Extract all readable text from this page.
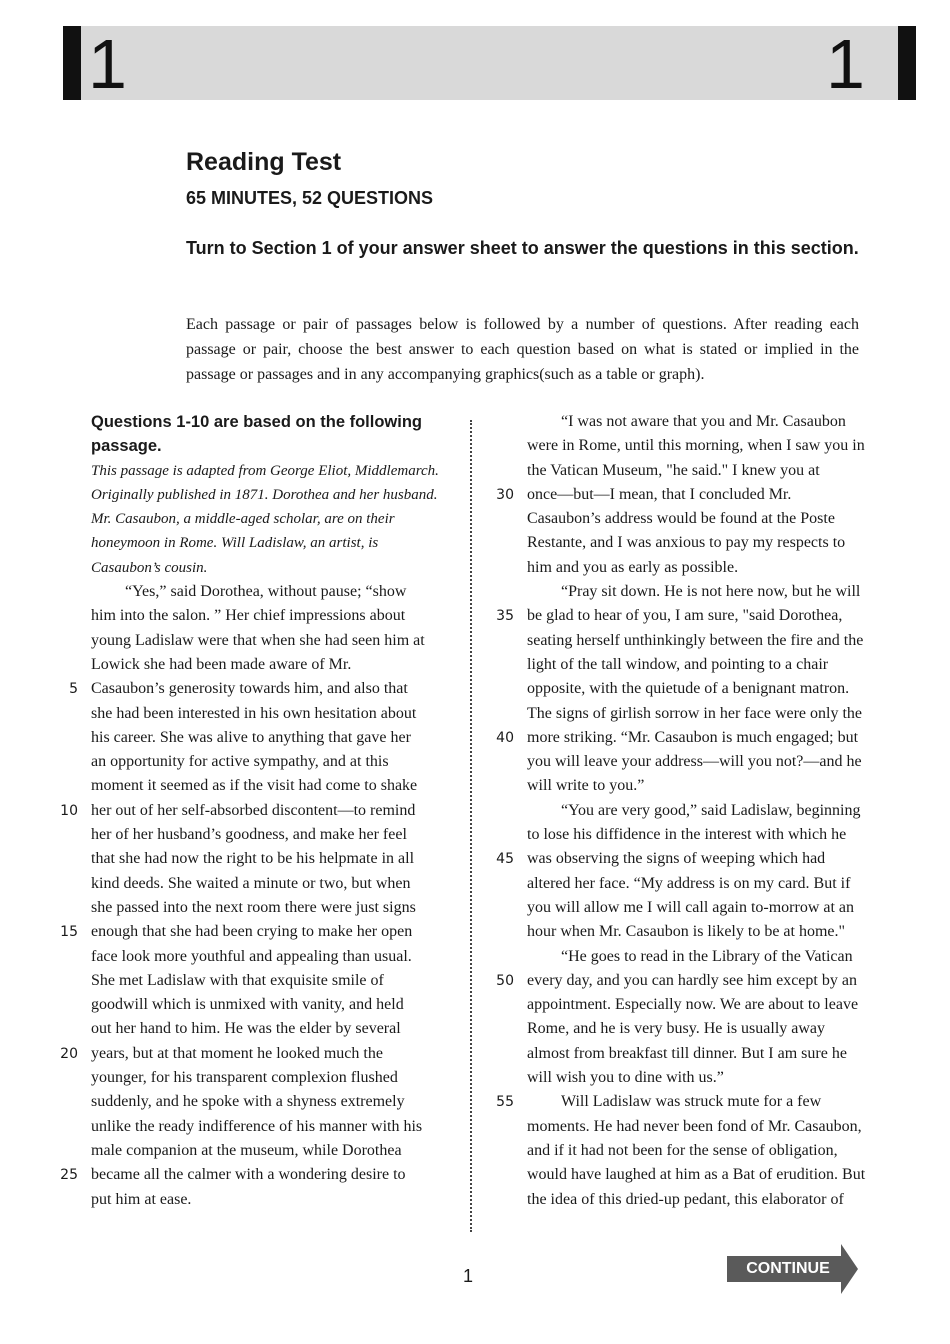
1	1
Reading Test
65 MINUTES, 52 QUESTIONS
Turn to Section 1 of your answer sheet to answer the questions in this section.
Each passage or pair of passages below is followed by a number of questions. After reading each passage or pair, choose the best answer to each question based on what is stated or implied in the passage or passages and in any accompanying graphics(such as a table or graph).
Questions 1-10 are based on the following passage.
This passage is adapted from George Eliot, Middlemarch. Originally published in 1871. Dorothea and her husband. Mr. Casaubon, a middle-aged scholar, are on their honeymoon in Rome. Will Ladislaw, an artist, is Casaubon’s cousin.
“Yes,” said Dorothea, without pause; “show
him into the salon. ” Her chief impressions about
young Ladislaw were that when she had seen him at
Lowick she had been made aware of Mr.
Casaubon’s generosity towards him, and also that
she had been interested in his own hesitation about
his career. She was alive to anything that gave her
an opportunity for active sympathy, and at this
moment it seemed as if the visit had come to shake
her out of her self-absorbed discontent—to remind
her of her husband’s goodness, and make her feel
that she had now the right to be his helpmate in all
kind deeds. She waited a minute or two, but when
she passed into the next room there were just signs
enough that she had been crying to make her open
face look more youthful and appealing than usual.
She met Ladislaw with that exquisite smile of
goodwill which is unmixed with vanity, and held
out her hand to him. He was the elder by several
years, but at that moment he looked much the
younger, for his transparent complexion flushed
suddenly, and he spoke with a shyness extremely
unlike the ready indifference of his manner with his
male companion at the museum, while Dorothea
became all the calmer with a wondering desire to
put him at ease.
“I was not aware that you and Mr. Casaubon
were in Rome, until this morning, when I saw you in
the Vatican Museum, "he said." I knew you at
once—but—I mean, that I concluded Mr.
Casaubon’s address would be found at the Poste
Restante, and I was anxious to pay my respects to
him and you as early as possible.
“Pray sit down. He is not here now, but he will
be glad to hear of you, I am sure, "said Dorothea,
seating herself unthinkingly between the fire and the
light of the tall window, and pointing to a chair
opposite, with the quietude of a benignant matron.
The signs of girlish sorrow in her face were only the
more striking. “Mr. Casaubon is much engaged; but
you will leave your address—will you not?—and he
will write to you.”
“You are very good,” said Ladislaw, beginning
to lose his diffidence in the interest with which he
was observing the signs of weeping which had
altered her face. “My address is on my card. But if
you will allow me I will call again to-morrow at an
hour when Mr. Casaubon is likely to be at home."
“He goes to read in the Library of the Vatican
every day, and you can hardly see him except by an
appointment. Especially now. We are about to leave
Rome, and he is very busy. He is usually away
almost from breakfast till dinner. But I am sure he
will wish you to dine with us.”
Will Ladislaw was struck mute for a few
moments. He had never been fond of Mr. Casaubon,
and if it had not been for the sense of obligation,
would have laughed at him as a Bat of erudition. But
the idea of this dried-up pedant, this elaborator of
5
10
15
20
25
30
35
40
45
50
55
1	CONTINUE
